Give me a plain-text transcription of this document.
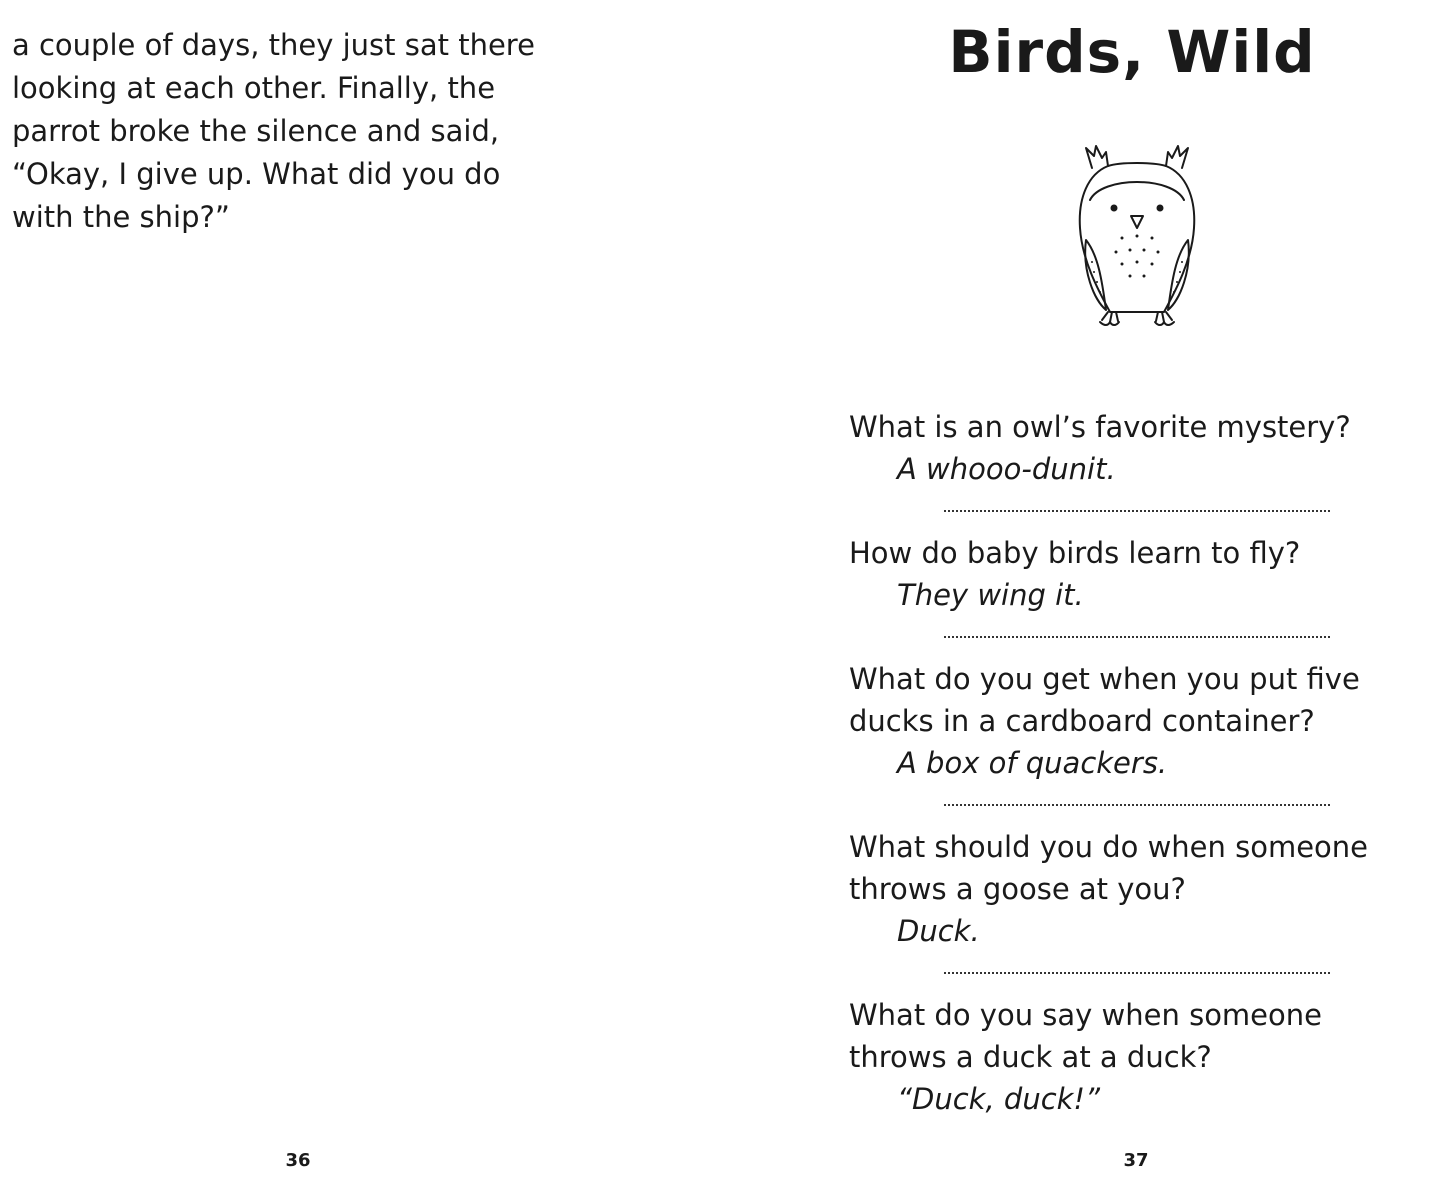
a couple of days, they just sat there
looking at each other. Finally, the
parrot broke the silence and said,
“Okay, I give up. What did you do
with the ship?”

36
Birds, Wild
What is an owl’s favorite mystery?
A whooo-dunit.
How do baby birds learn to fly?
They wing it.
What do you get when you put five
ducks in a cardboard container?
A box of quackers.
What should you do when someone
throws a goose at you?
Duck.
What do you say when someone
throws a duck at a duck?
“Duck, duck!”
37
